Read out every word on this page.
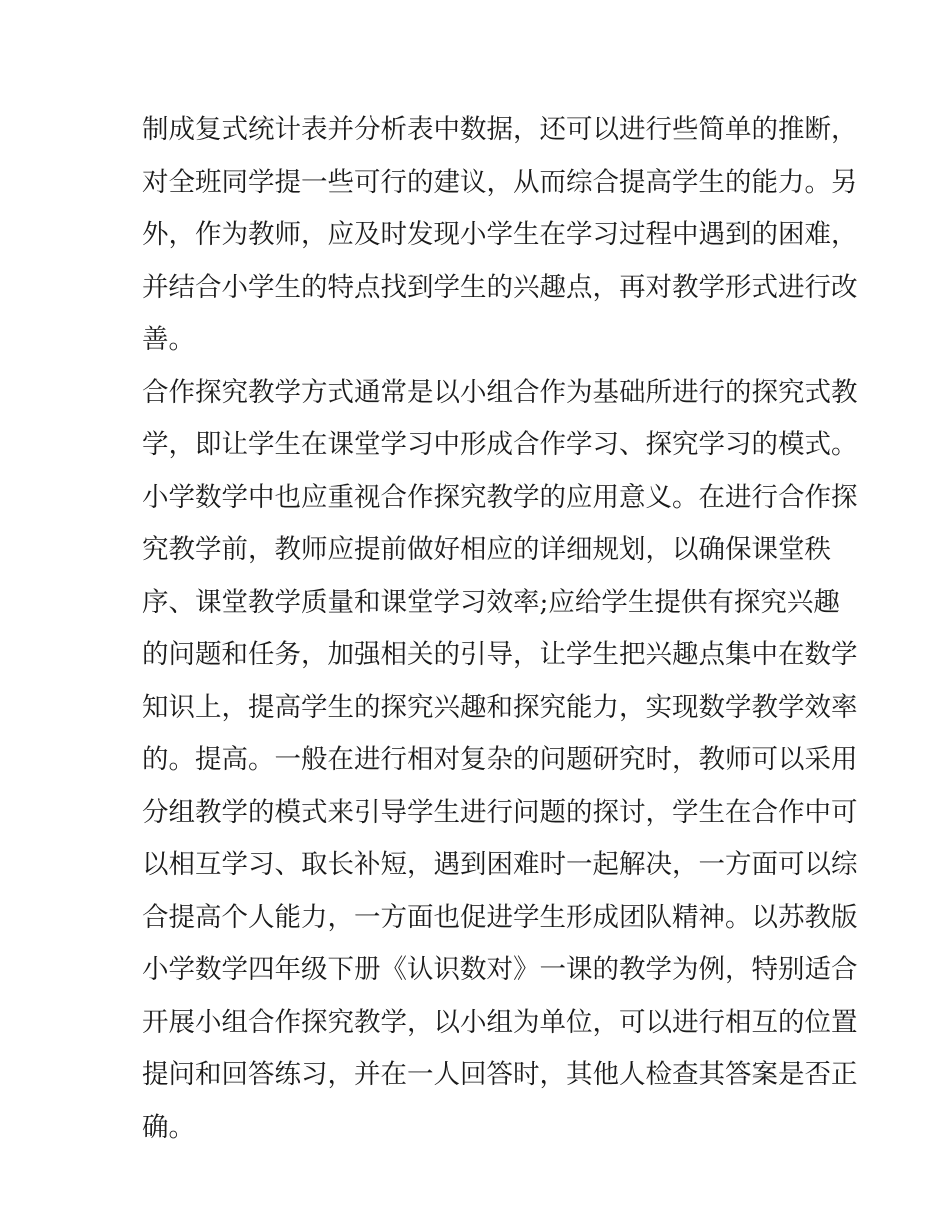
制成复式统计表并分析表中数据，还可以进行些简单的推断，
对全班同学提一些可行的建议，从而综合提高学生的能力。另
外，作为教师，应及时发现小学生在学习过程中遇到的困难，
并结合小学生的特点找到学生的兴趣点，再对教学形式进行改
善。
合作探究教学方式通常是以小组合作为基础所进行的探究式教
学，即让学生在课堂学习中形成合作学习、探究学习的模式。
小学数学中也应重视合作探究教学的应用意义。在进行合作探
究教学前，教师应提前做好相应的详细规划，以确保课堂秩
序、课堂教学质量和课堂学习效率;应给学生提供有探究兴趣
的问题和任务，加强相关的引导，让学生把兴趣点集中在数学
知识上，提高学生的探究兴趣和探究能力，实现数学教学效率
的。提高。一般在进行相对复杂的问题研究时，教师可以采用
分组教学的模式来引导学生进行问题的探讨，学生在合作中可
以相互学习、取长补短，遇到困难时一起解决，一方面可以综
合提高个人能力，一方面也促进学生形成团队精神。以苏教版
小学数学四年级下册《认识数对》一课的教学为例，特别适合
开展小组合作探究教学，以小组为单位，可以进行相互的位置
提问和回答练习，并在一人回答时，其他人检查其答案是否正
确。
